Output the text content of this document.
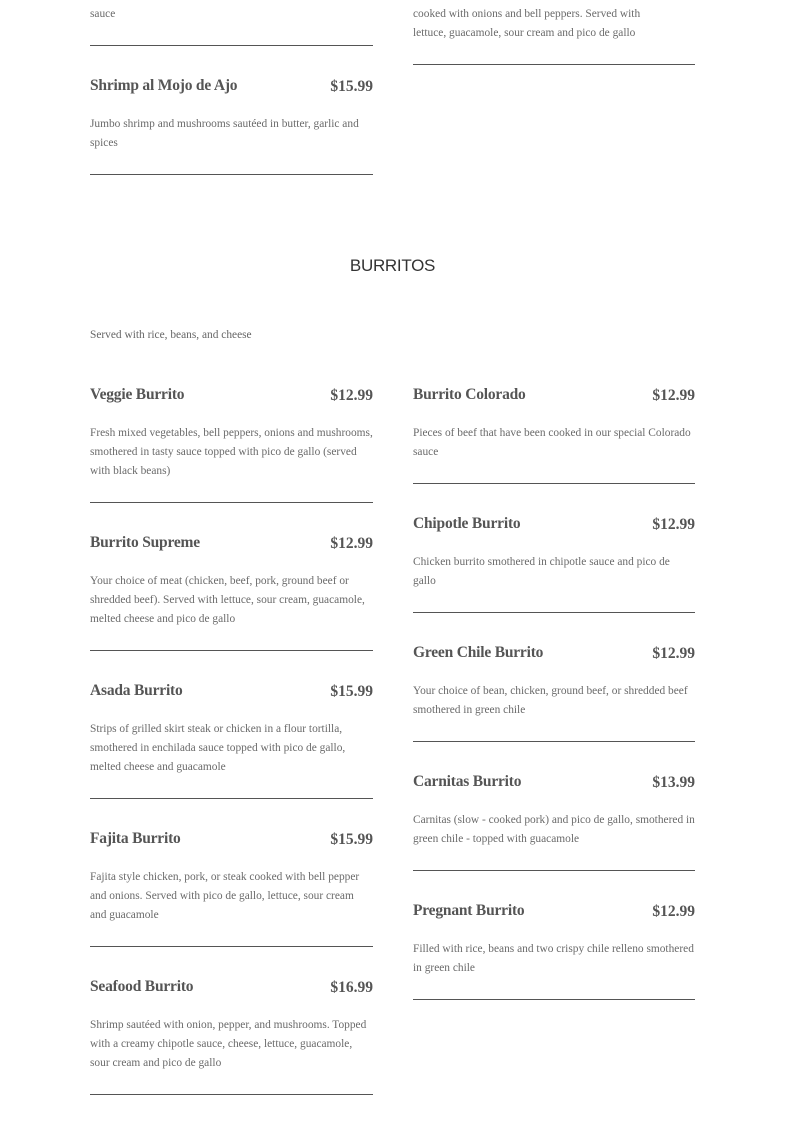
sauce	cooked with onions and bell peppers. Served with
lettuce, guacamole, sour cream and pico de gallo
Shrimp al Mojo de Ajo	$15.99
Jumbo shrimp and mushrooms sautéed in butter, garlic and spices
BURRITOS
Served with rice, beans, and cheese
Veggie Burrito	$12.99
Fresh mixed vegetables, bell peppers, onions and mushrooms, smothered in tasty sauce topped with pico de gallo (served with black beans)
Burrito Supreme	$12.99
Your choice of meat (chicken, beef, pork, ground beef or shredded beef). Served with lettuce, sour cream, guacamole, melted cheese and pico de gallo
Asada Burrito	$15.99
Strips of grilled skirt steak or chicken in a flour tortilla, smothered in enchilada sauce topped with pico de gallo, melted cheese and guacamole
Fajita Burrito	$15.99
Fajita style chicken, pork, or steak cooked with bell pepper and onions. Served with pico de gallo, lettuce, sour cream and guacamole
Seafood Burrito	$16.99
Shrimp sautéed with onion, pepper, and mushrooms. Topped with a creamy chipotle sauce, cheese, lettuce, guacamole, sour cream and pico de gallo
Burrito Colorado	$12.99
Pieces of beef that have been cooked in our special Colorado sauce
Chipotle Burrito	$12.99
Chicken burrito smothered in chipotle sauce and pico de gallo
Green Chile Burrito	$12.99
Your choice of bean, chicken, ground beef, or shredded beef smothered in green chile
Carnitas Burrito	$13.99
Carnitas (slow - cooked pork) and pico de gallo, smothered in green chile - topped with guacamole
Pregnant Burrito	$12.99
Filled with rice, beans and two crispy chile relleno smothered in green chile
